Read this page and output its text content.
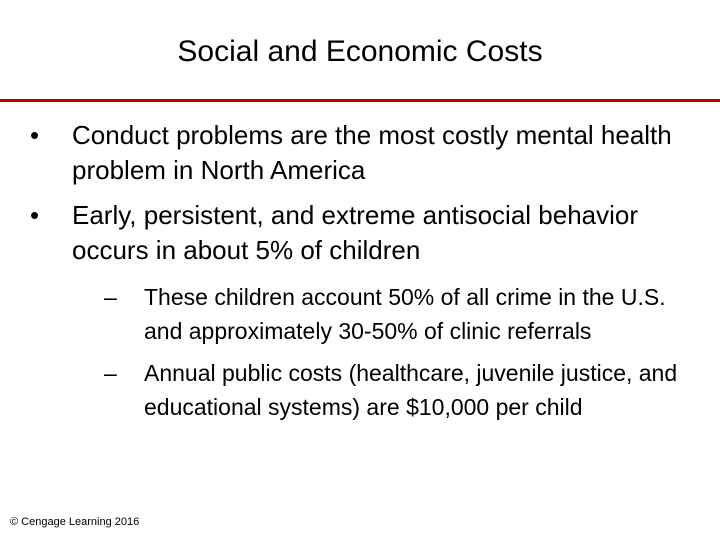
Social and Economic Costs
•	Conduct problems are the most costly mental health problem in North America
•	Early, persistent, and extreme antisocial behavior occurs in about 5% of children
–	These children account 50% of all crime in the U.S. and approximately 30-50% of clinic referrals
–	Annual public costs (healthcare, juvenile justice, and educational systems) are $10,000 per child
© Cengage Learning 2016
